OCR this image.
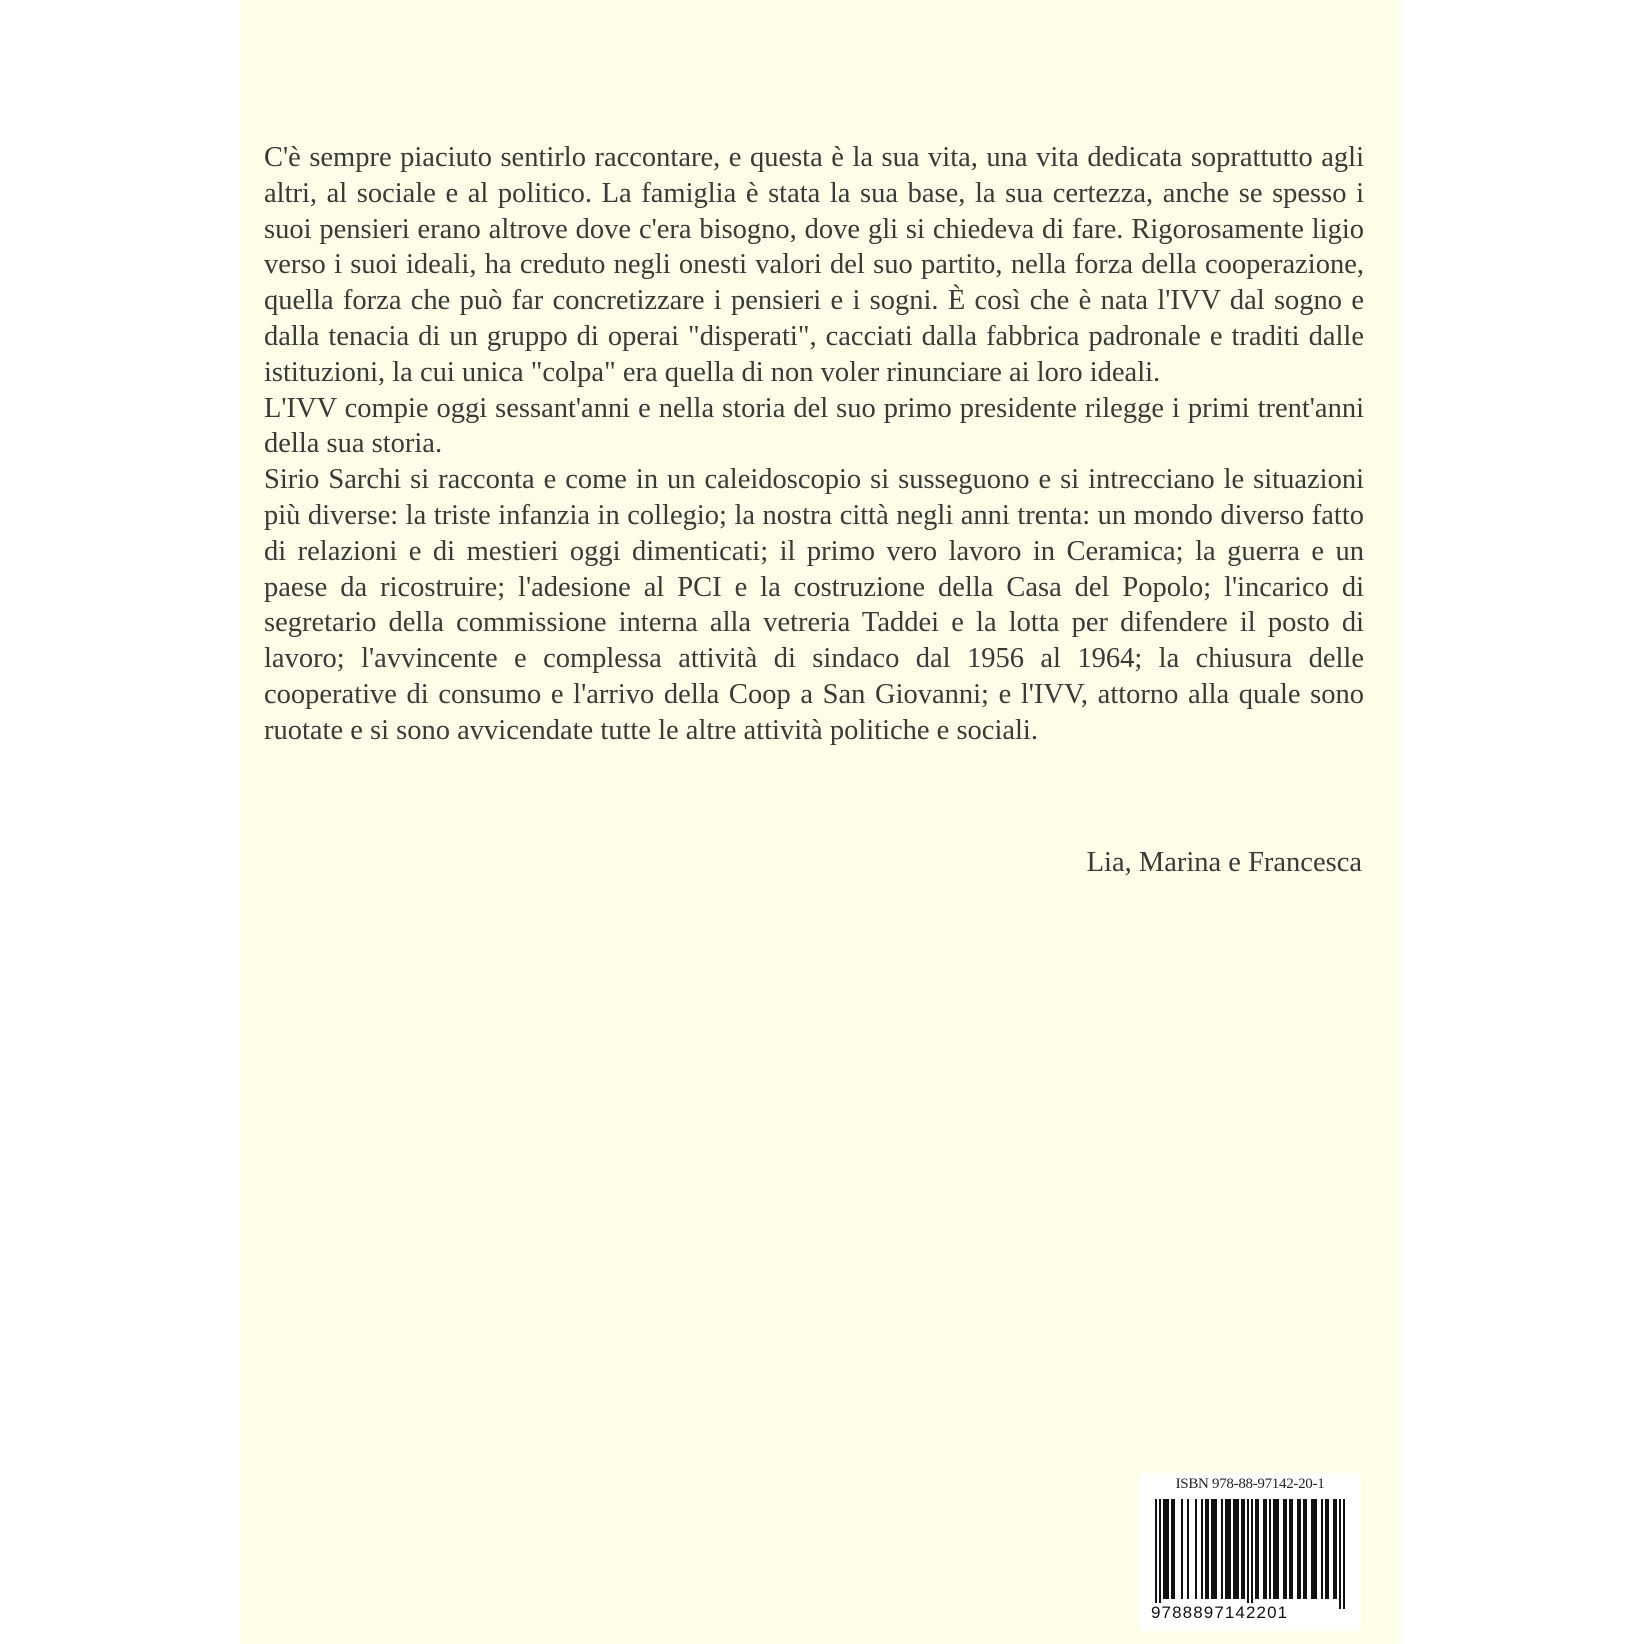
C'è sempre piaciuto sentirlo raccontare, e questa è la sua vita, una vita dedicata soprattutto agli altri, al sociale e al politico. La famiglia è stata la sua base, la sua certezza, anche se spesso i suoi pensieri erano altrove dove c'era bisogno, dove gli si chiedeva di fare. Rigorosamente ligio verso i suoi ideali, ha creduto negli onesti valori del suo partito, nella forza della cooperazione, quella forza che può far concretizzare i pensieri e i sogni. È così che è nata l'IVV dal sogno e dalla tenacia di un gruppo di operai "disperati", cacciati dalla fabbrica padronale e traditi dalle istituzioni, la cui unica "colpa" era quella di non voler rinunciare ai loro ideali.

L'IVV compie oggi sessant'anni e nella storia del suo primo presidente rilegge i primi trent'anni della sua storia.

Sirio Sarchi si racconta e come in un caleidoscopio si susseguono e si intrecciano le situazioni più diverse: la triste infanzia in collegio; la nostra città negli anni trenta: un mondo diverso fatto di relazioni e di mestieri oggi dimenticati; il primo vero lavoro in Ceramica; la guerra e un paese da ricostruire; l'adesione al PCI e la costruzione della Casa del Popolo; l'incarico di segretario della commissione interna alla vetreria Taddei e la lotta per difendere il posto di lavoro; l'avvincente e complessa attività di sindaco dal 1956 al 1964; la chiusura delle cooperative di consumo e l'arrivo della Coop a San Giovanni; e l'IVV, attorno alla quale sono ruotate e si sono avvicendate tutte le altre attività politiche e sociali.

Lia, Marina e Francesca
ISBN 978-88-97142-20-1
9788897142201
